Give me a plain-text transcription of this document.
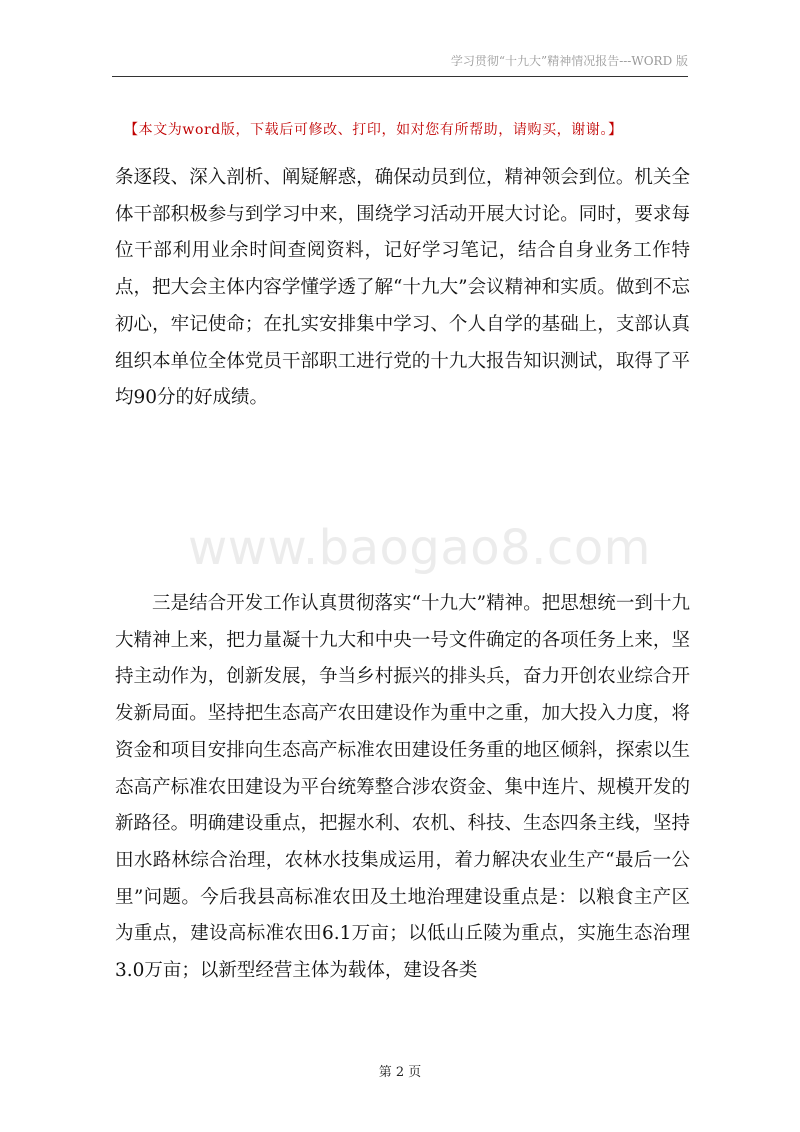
学习贯彻“十九大”精神情况报告---WORD 版
【本文为word版，下载后可修改、打印，如对您有所帮助，请购买，谢谢。】
条逐段、深入剖析、阐疑解惑，确保动员到位，精神领会到位。机关全体干部积极参与到学习中来，围绕学习活动开展大讨论。同时，要求每位干部利用业余时间查阅资料，记好学习笔记，结合自身业务工作特点，把大会主体内容学懂学透了解“十九大”会议精神和实质。做到不忘初心，牢记使命；在扎实安排集中学习、个人自学的基础上，支部认真组织本单位全体党员干部职工进行党的十九大报告知识测试，取得了平均90分的好成绩。
www.baogao8.com
三是结合开发工作认真贯彻落实“十九大”精神。把思想统一到十九大精神上来，把力量凝十九大和中央一号文件确定的各项任务上来，坚持主动作为，创新发展，争当乡村振兴的排头兵，奋力开创农业综合开发新局面。坚持把生态高产农田建设作为重中之重，加大投入力度，将资金和项目安排向生态高产标准农田建设任务重的地区倾斜，探索以生态高产标准农田建设为平台统筹整合涉农资金、集中连片、规模开发的新路径。明确建设重点，把握水利、农机、科技、生态四条主线，坚持田水路林综合治理，农林水技集成运用，着力解决农业生产“最后一公里”问题。今后我县高标准农田及土地治理建设重点是：以粮食主产区为重点，建设高标准农田6.1万亩；以低山丘陵为重点，实施生态治理3.0万亩；以新型经营主体为载体，建设各类
第 2 页
